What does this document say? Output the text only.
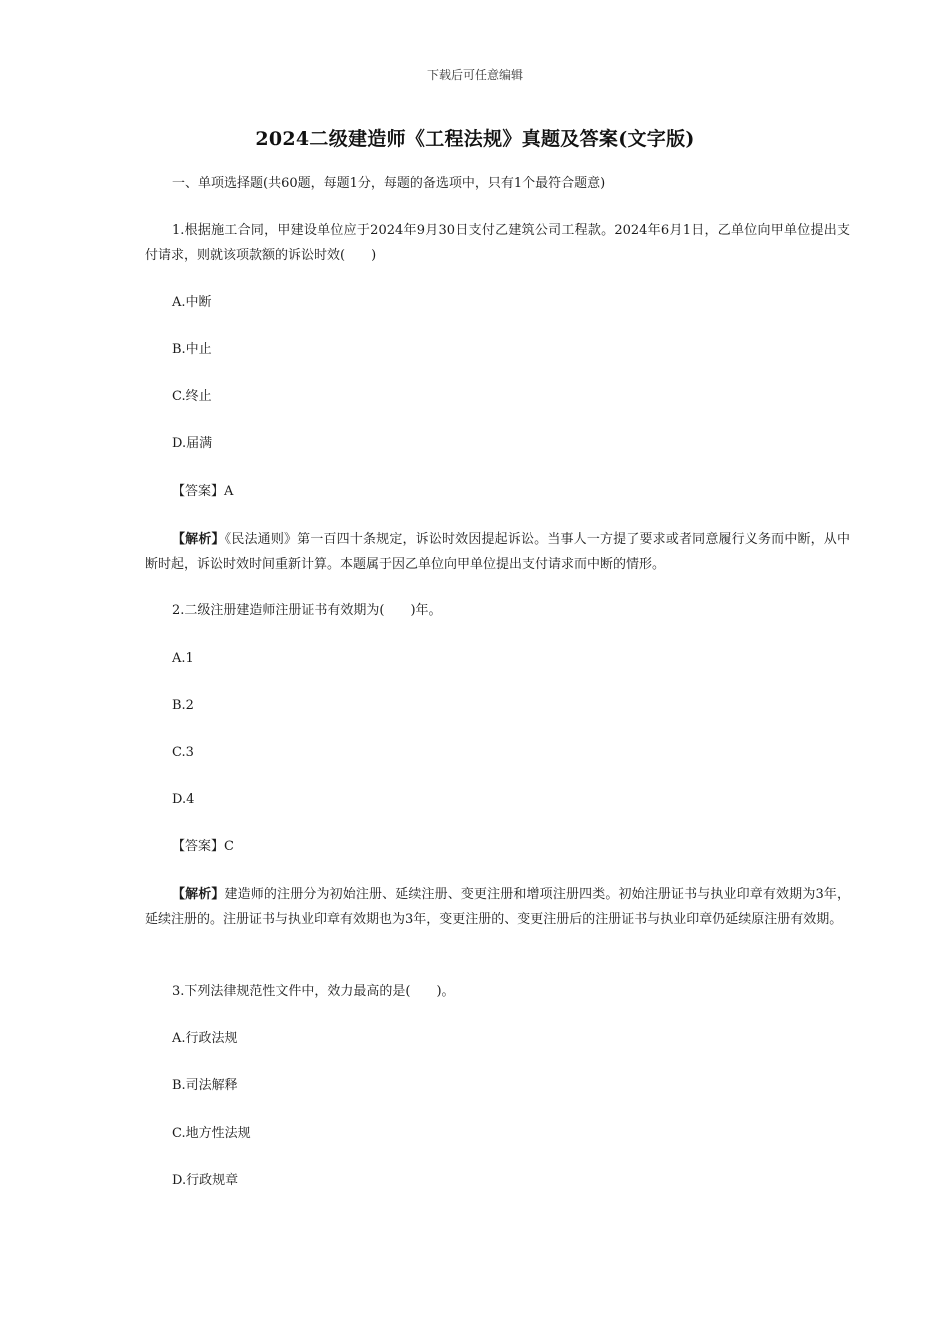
下载后可任意编辑
2024二级建造师《工程法规》真题及答案(文字版)
一、单项选择题(共60题，每题1分，每题的备选项中，只有1个最符合题意)
1.根据施工合同，甲建设单位应于2024年9月30日支付乙建筑公司工程款。2024年6月1日，乙单位向甲单位提出支付请求，则就该项款额的诉讼时效(　　)
A.中断
B.中止
C.终止
D.届满
【答案】A
【解析】《民法通则》第一百四十条规定，诉讼时效因提起诉讼。当事人一方提了要求或者同意履行义务而中断，从中断时起，诉讼时效时间重新计算。本题属于因乙单位向甲单位提出支付请求而中断的情形。
2.二级注册建造师注册证书有效期为(　　)年。
A.1
B.2
C.3
D.4
【答案】C
【解析】建造师的注册分为初始注册、延续注册、变更注册和增项注册四类。初始注册证书与执业印章有效期为3年，延续注册的。注册证书与执业印章有效期也为3年，变更注册的、变更注册后的注册证书与执业印章仍延续原注册有效期。
3.下列法律规范性文件中，效力最高的是(　　)。
A.行政法规
B.司法解释
C.地方性法规
D.行政规章
